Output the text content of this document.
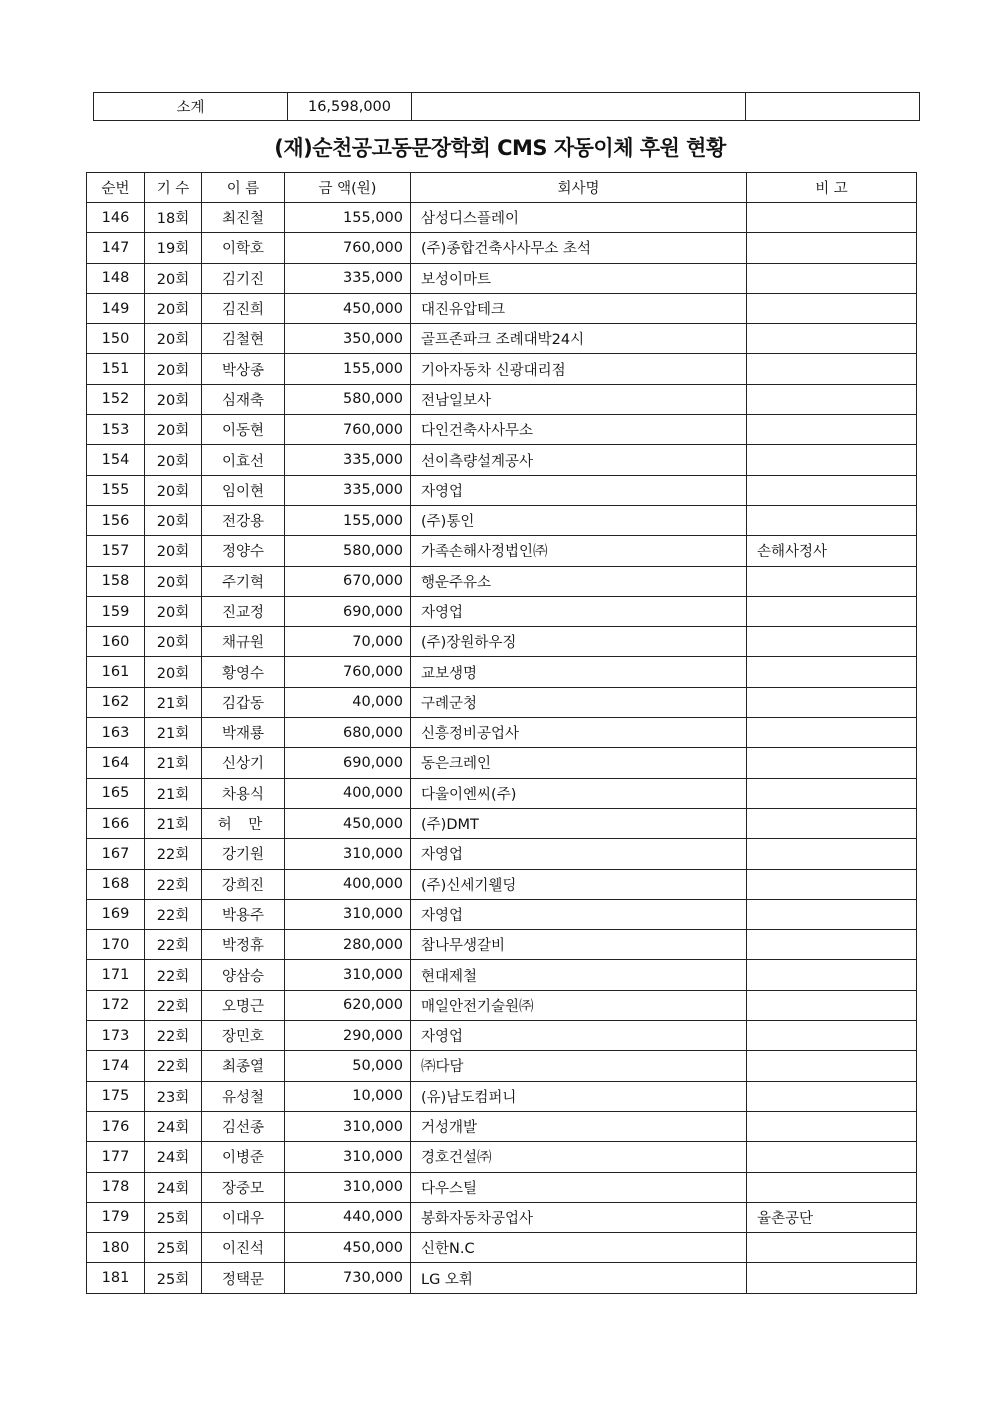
소계	16,598,000		
(재)순천공고동문장학회 CMS 자동이체 후원 현황
순번	기 수	이 름	금 액(원)	회사명	비 고
146	18회	최진철	155,000	삼성디스플레이	
147	19회	이학호	760,000	(주)종합건축사사무소 초석	
148	20회	김기진	335,000	보성이마트	
149	20회	김진희	450,000	대진유압테크	
150	20회	김철현	350,000	골프존파크 조례대박24시	
151	20회	박상종	155,000	기아자동차 신광대리점	
152	20회	심재축	580,000	전남일보사	
153	20회	이동현	760,000	다인건축사사무소	
154	20회	이효선	335,000	선이측량설계공사	
155	20회	임이현	335,000	자영업	
156	20회	전강용	155,000	(주)통인	
157	20회	정양수	580,000	가족손해사정법인㈜	손해사정사
158	20회	주기혁	670,000	행운주유소	
159	20회	진교정	690,000	자영업	
160	20회	채규원	70,000	(주)장원하우징	
161	20회	황영수	760,000	교보생명	
162	21회	김갑동	40,000	구례군청	
163	21회	박재룡	680,000	신흥정비공업사	
164	21회	신상기	690,000	동은크레인	
165	21회	차용식	400,000	다울이엔씨(주)	
166	21회	허 만	450,000	(주)DMT	
167	22회	강기원	310,000	자영업	
168	22회	강희진	400,000	(주)신세기웰딩	
169	22회	박용주	310,000	자영업	
170	22회	박정휴	280,000	참나무생갈비	
171	22회	양삼승	310,000	현대제철	
172	22회	오명근	620,000	매일안전기술원㈜	
173	22회	장민호	290,000	자영업	
174	22회	최종열	50,000	㈜다담	
175	23회	유성철	10,000	(유)남도컴퍼니	
176	24회	김선종	310,000	거성개발	
177	24회	이병준	310,000	경호건설㈜	
178	24회	장중모	310,000	다우스틸	
179	25회	이대우	440,000	봉화자동차공업사	율촌공단
180	25회	이진석	450,000	신한N.C	
181	25회	정택문	730,000	LG 오휘	
